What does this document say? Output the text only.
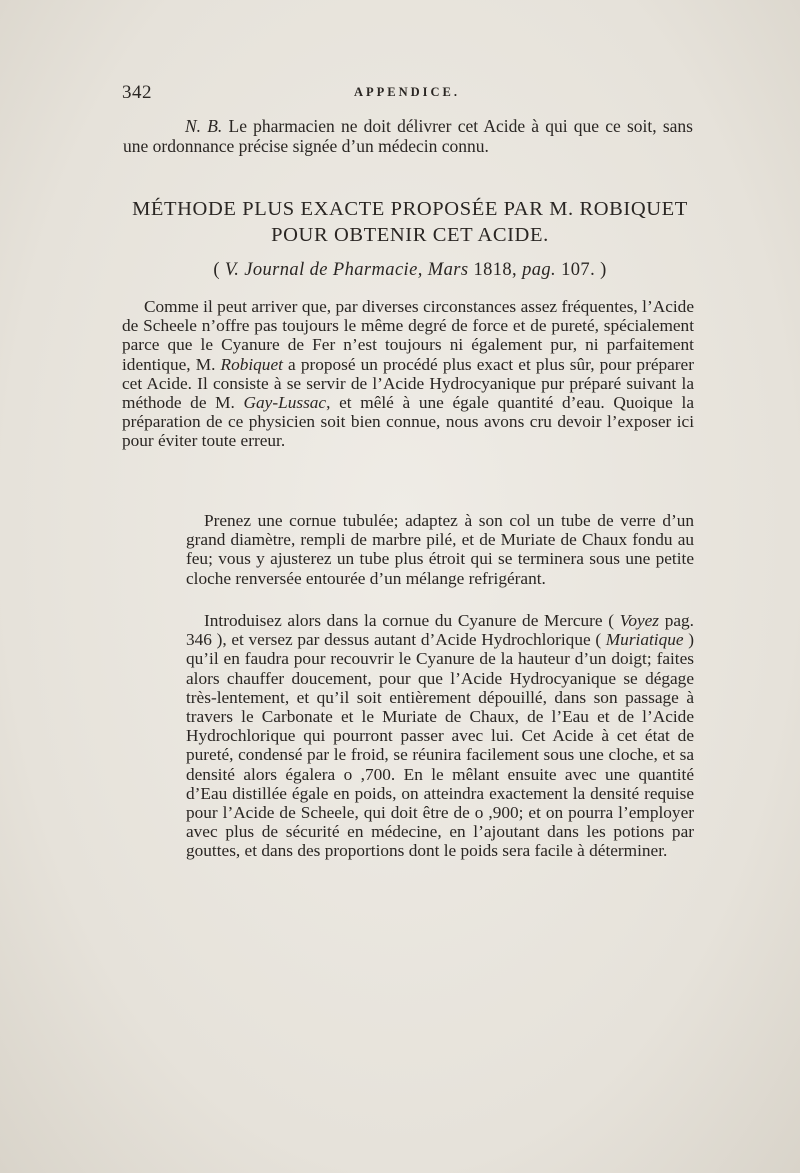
342	APPENDICE.
N. B. Le pharmacien ne doit délivrer cet Acide à qui que ce soit, sans une ordonnance précise signée d’un médecin connu.
MÉTHODE PLUS EXACTE PROPOSÉE PAR M. ROBIQUET
POUR OBTENIR CET ACIDE.
( V. Journal de Pharmacie, Mars 1818, pag. 107. )
Comme il peut arriver que, par diverses circonstances assez fréquentes, l’Acide de Scheele n’offre pas toujours le même degré de force et de pureté, spécialement parce que le Cyanure de Fer n’est toujours ni également pur, ni parfaitement identique, M. Robiquet a proposé un procédé plus exact et plus sûr, pour préparer cet Acide. Il consiste à se servir de l’Acide Hydrocyanique pur préparé suivant la méthode de M. Gay-Lussac, et mêlé à une égale quantité d’eau. Quoique la préparation de ce physicien soit bien connue, nous avons cru devoir l’exposer ici pour éviter toute erreur.
Prenez une cornue tubulée; adaptez à son col un tube de verre d’un grand diamètre, rempli de marbre pilé, et de Muriate de Chaux fondu au feu; vous y ajusterez un tube plus étroit qui se terminera sous une petite cloche renversée entourée d’un mélange refrigérant.
Introduisez alors dans la cornue du Cyanure de Mercure ( Voyez pag. 346 ), et versez par dessus autant d’Acide Hydrochlorique ( Muriatique ) qu’il en faudra pour recouvrir le Cyanure de la hauteur d’un doigt; faites alors chauffer doucement, pour que l’Acide Hydrocyanique se dégage très-lentement, et qu’il soit entièrement dépouillé, dans son passage à travers le Carbonate et le Muriate de Chaux, de l’Eau et de l’Acide Hydrochlorique qui pourront passer avec lui. Cet Acide à cet état de pureté, condensé par le froid, se réunira facilement sous une cloche, et sa densité alors égalera o ,700. En le mêlant ensuite avec une quantité d’Eau distillée égale en poids, on atteindra exactement la densité requise pour l’Acide de Scheele, qui doit être de o ,900; et on pourra l’employer avec plus de sécurité en médecine, en l’ajoutant dans les potions par gouttes, et dans des proportions dont le poids sera facile à déterminer.
